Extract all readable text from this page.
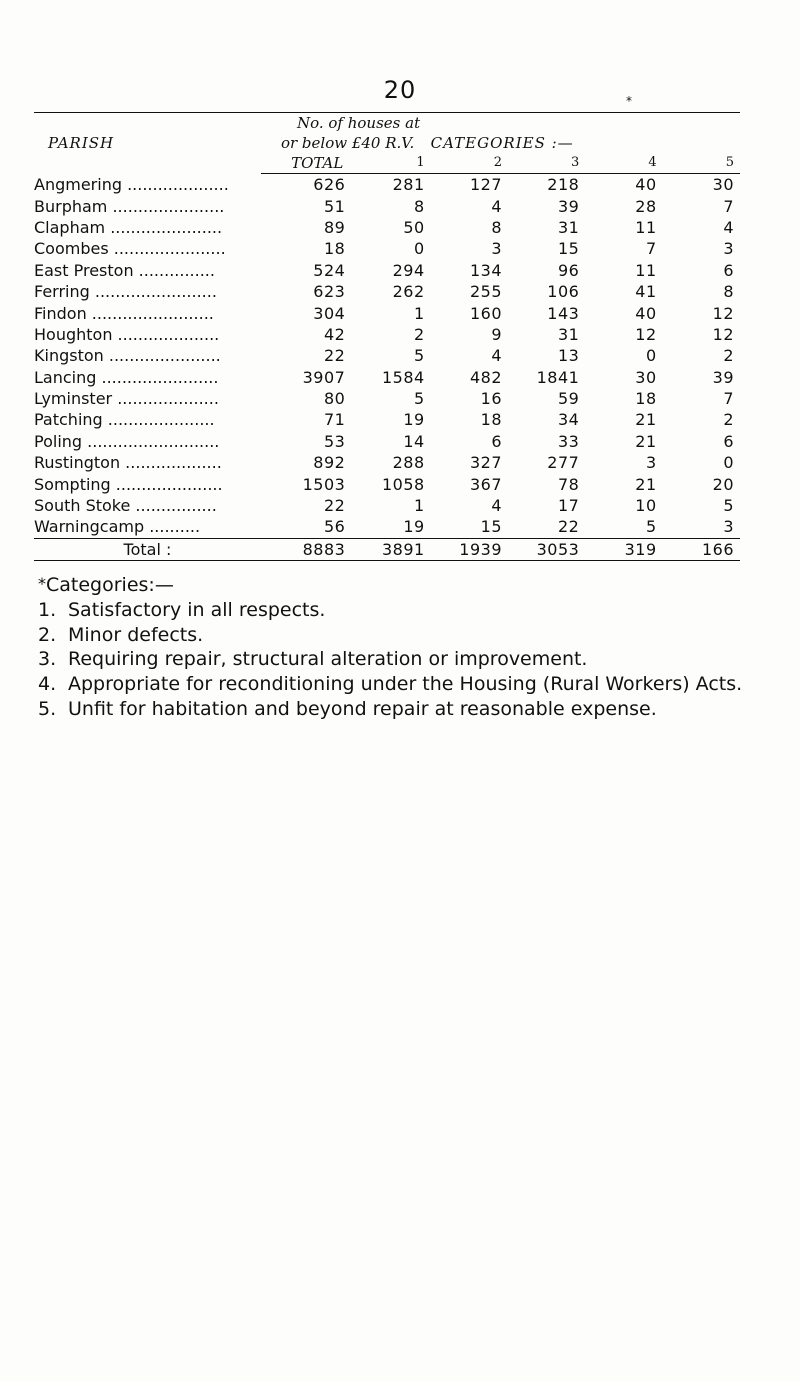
20	*
PARISH	No. of houses at					
	or below £40 R.V.		CATEGORIES :—			
	TOTAL	1	2	3	4	5
Angmering ....................	626	281	127	218	40	30
Burpham ......................	51	8	4	39	28	7
Clapham ......................	89	50	8	31	11	4
Coombes ......................	18	0	3	15	7	3
East Preston ...............	524	294	134	96	11	6
Ferring ........................	623	262	255	106	41	8
Findon ........................	304	1	160	143	40	12
Houghton ....................	42	2	9	31	12	12
Kingston ......................	22	5	4	13	0	2
Lancing .......................	3907	1584	482	1841	30	39
Lyminster ....................	80	5	16	59	18	7
Patching .....................	71	19	18	34	21	2
Poling ..........................	53	14	6	33	21	6
Rustington ...................	892	288	327	277	3	0
Sompting .....................	1503	1058	367	78	21	20
South Stoke ................	22	1	4	17	10	5
Warningcamp ..........	56	19	15	22	5	3
Total :	8883	3891	1939	3053	319	166
*Categories:—
1. Satisfactory in all respects.
2. Minor defects.
3. Requiring repair, structural alteration or improvement.
4. Appropriate for reconditioning under the Housing (Rural Workers) Acts.
5. Unfit for habitation and beyond repair at reasonable expense.
